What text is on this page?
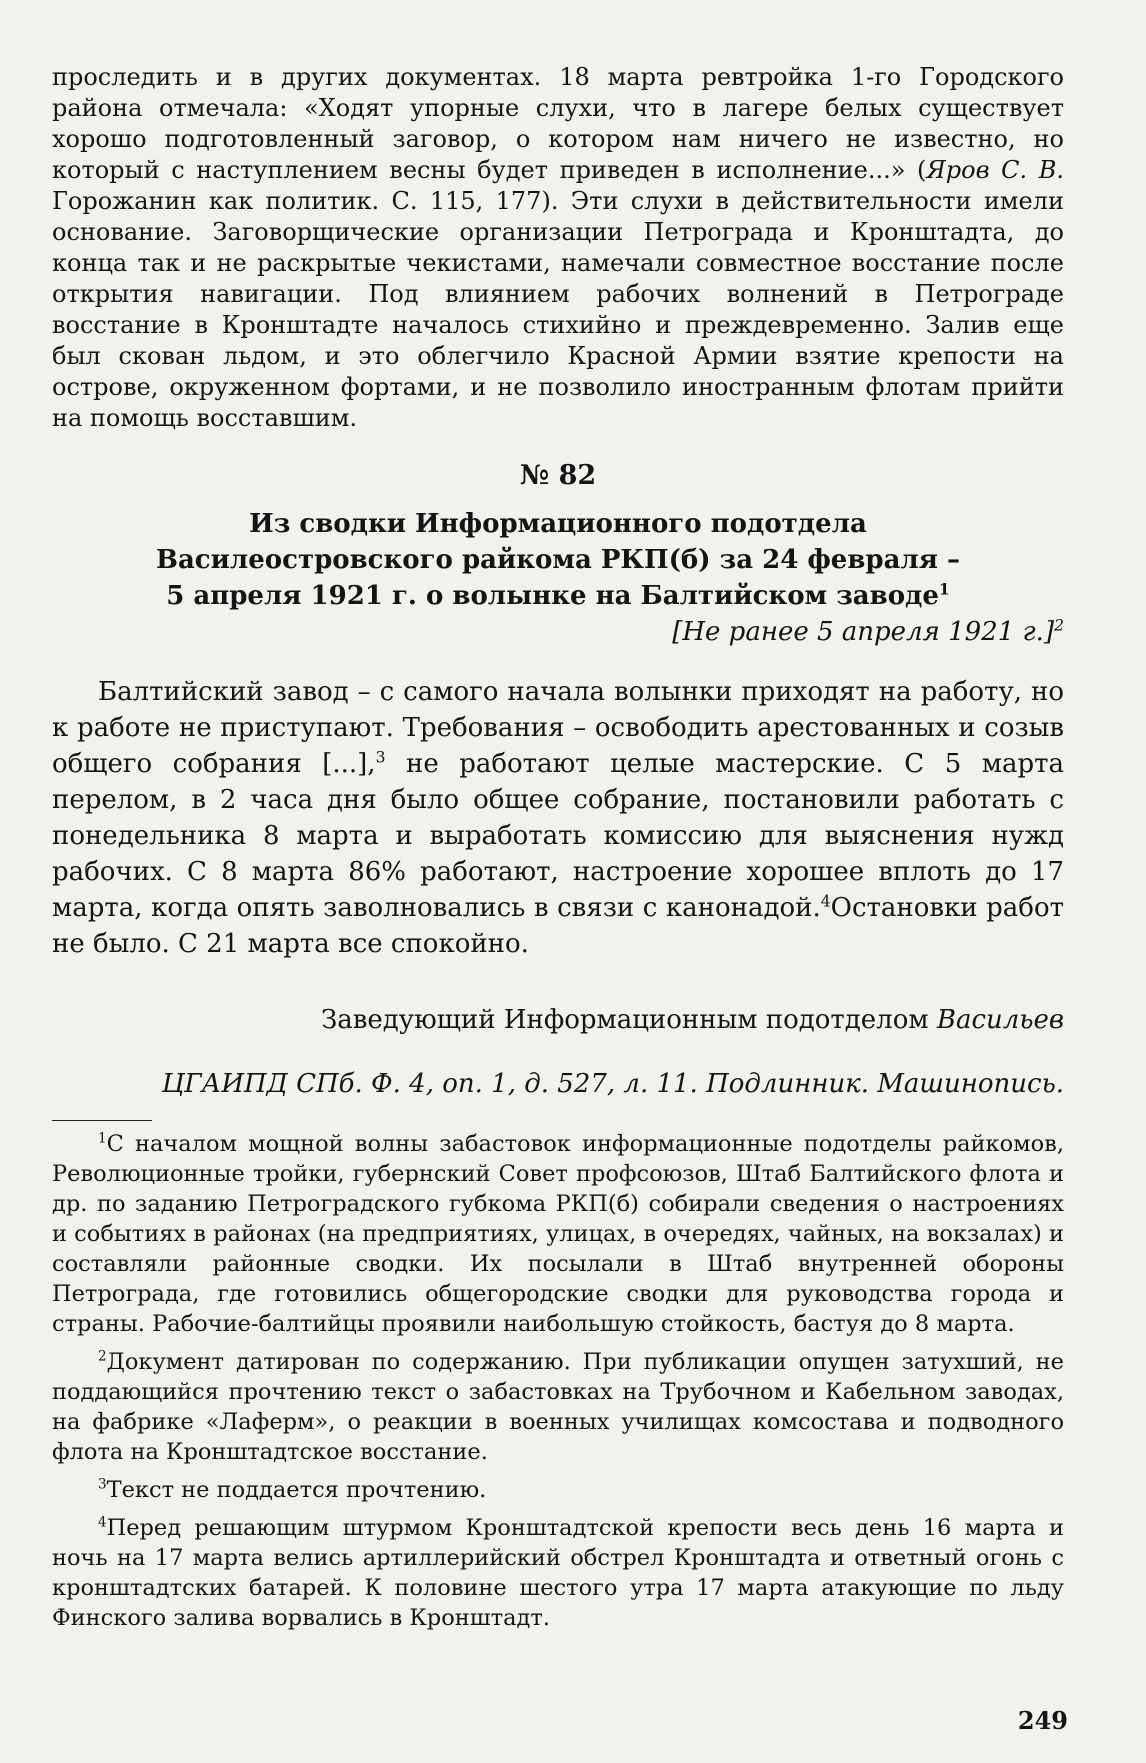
проследить и в других документах. 18 марта ревтройка 1-го Городского района отмечала: «Ходят упорные слухи, что в лагере белых существует хорошо подготовленный заговор, о котором нам ничего не известно, но который с наступлением весны будет приведен в исполнение...» (Яров С. В. Горожанин как политик. С. 115, 177). Эти слухи в действительности имели основание. Заговорщические организации Петрограда и Кронштадта, до конца так и не раскрытые чекистами, намечали совместное восстание после открытия навигации. Под влиянием рабочих волнений в Петрограде восстание в Кронштадте началось стихийно и преждевременно. Залив еще был скован льдом, и это облегчило Красной Армии взятие крепости на острове, окруженном фортами, и не позволило иностранным флотам прийти на помощь восставшим.

№ 82

Из сводки Информационного подотдела

Василеостровского райкома РКП(б) за 24 февраля –

5 апреля 1921 г. о волынке на Балтийском заводе$^1$

[Не ранее 5 апреля 1921 г.]$^2$

Балтийский завод – с самого начала волынки приходят на работу, но к работе не приступают. Требования – освободить арестованных и созыв общего собрания [...],$^3$ не работают целые мастерские. С 5 марта перелом, в 2 часа дня было общее собрание, постановили работать с понедельника 8 марта и выработать комиссию для выяснения нужд рабочих. С 8 марта 86% работают, настроение хорошее вплоть до 17 марта, когда опять заволновались в связи с канонадой.$^4$Остановки работ не было. С 21 марта все спокойно.

Заведующий Информационным подотделом Васильев

ЦГАИПД СПб. Ф. 4, оп. 1, д. 527, л. 11. Подлинник. Машинопись.

$^1$С началом мощной волны забастовок информационные подотделы райкомов, Революционные тройки, губернский Совет профсоюзов, Штаб Балтийского флота и др. по заданию Петроградского губкома РКП(б) собирали сведения о настроениях и событиях в районах (на предприятиях, улицах, в очередях, чайных, на вокзалах) и составляли районные сводки. Их посылали в Штаб внутренней обороны Петрограда, где готовились общегородские сводки для руководства города и страны. Рабочие-балтийцы проявили наибольшую стойкость, бастуя до 8 марта.

$^2$Документ датирован по содержанию. При публикации опущен затухший, не поддающийся прочтению текст о забастовках на Трубочном и Кабельном заводах, на фабрике «Лаферм», о реакции в военных училищах комсостава и подводного флота на Кронштадтское восстание.

$^3$Текст не поддается прочтению.

$^4$Перед решающим штурмом Кронштадтской крепости весь день 16 марта и ночь на 17 марта велись артиллерийский обстрел Кронштадта и ответный огонь с кронштадтских батарей. К половине шестого утра 17 марта атакующие по льду Финского залива ворвались в Кронштадт.

249
